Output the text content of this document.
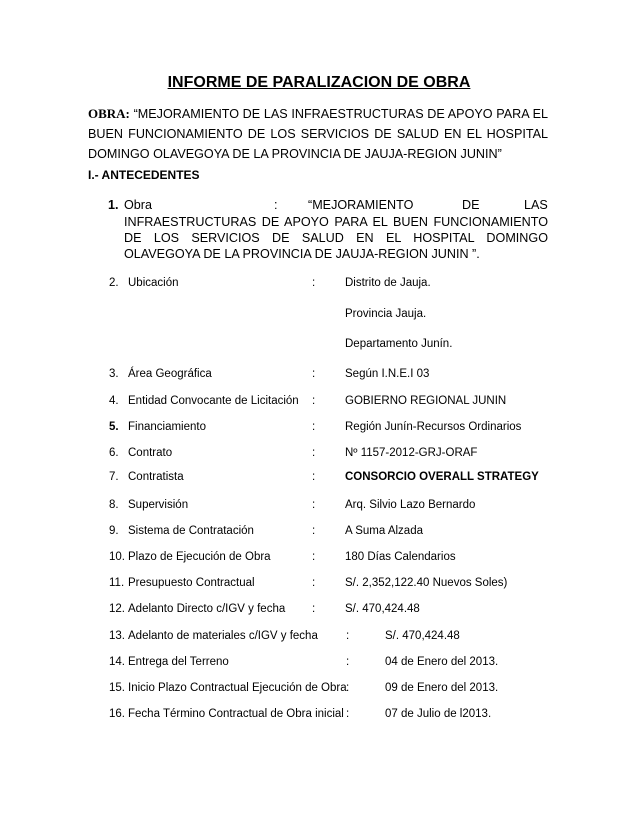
INFORME DE PARALIZACION DE OBRA
OBRA: “MEJORAMIENTO DE LAS INFRAESTRUCTURAS DE APOYO PARA EL BUEN FUNCIONAMIENTO DE LOS SERVICIOS DE SALUD EN EL HOSPITAL DOMINGO OLAVEGOYA DE LA PROVINCIA DE JAUJA-REGION JUNIN”
I.- ANTECEDENTES
1. Obra	: “MEJORAMIENTO	DE	LAS
INFRAESTRUCTURAS DE APOYO PARA EL BUEN FUNCIONAMIENTO DE LOS SERVICIOS DE SALUD EN EL HOSPITAL DOMINGO OLAVEGOYA DE LA PROVINCIA DE JAUJA-REGION JUNIN ”.
2. Ubicación	:	Distrito de Jauja.
Provincia Jauja.
Departamento Junín.
3. Área Geográfica	:	Según I.N.E.I 03
4. Entidad Convocante de Licitación :	GOBIERNO REGIONAL JUNIN
5. Financiamiento	:	Región Junín-Recursos Ordinarios
6. Contrato	:	Nº 1157-2012-GRJ-ORAF
7. Contratista	:	CONSORCIO OVERALL STRATEGY
8. Supervisión	:	Arq. Silvio Lazo Bernardo
9. Sistema de Contratación	:	A Suma Alzada
10. Plazo de Ejecución de Obra	:	180 Días Calendarios
11. Presupuesto Contractual	:	S/. 2,352,122.40 Nuevos Soles)
12. Adelanto Directo c/IGV y fecha :	S/. 470,424.48
13. Adelanto de materiales c/IGV y fecha :	S/. 470,424.48
14. Entrega del Terreno	:	04 de Enero del 2013.
15. Inicio Plazo Contractual Ejecución de Obra :	09 de Enero del 2013.
16. Fecha Término Contractual de Obra inicial :	07 de Julio de l2013.
